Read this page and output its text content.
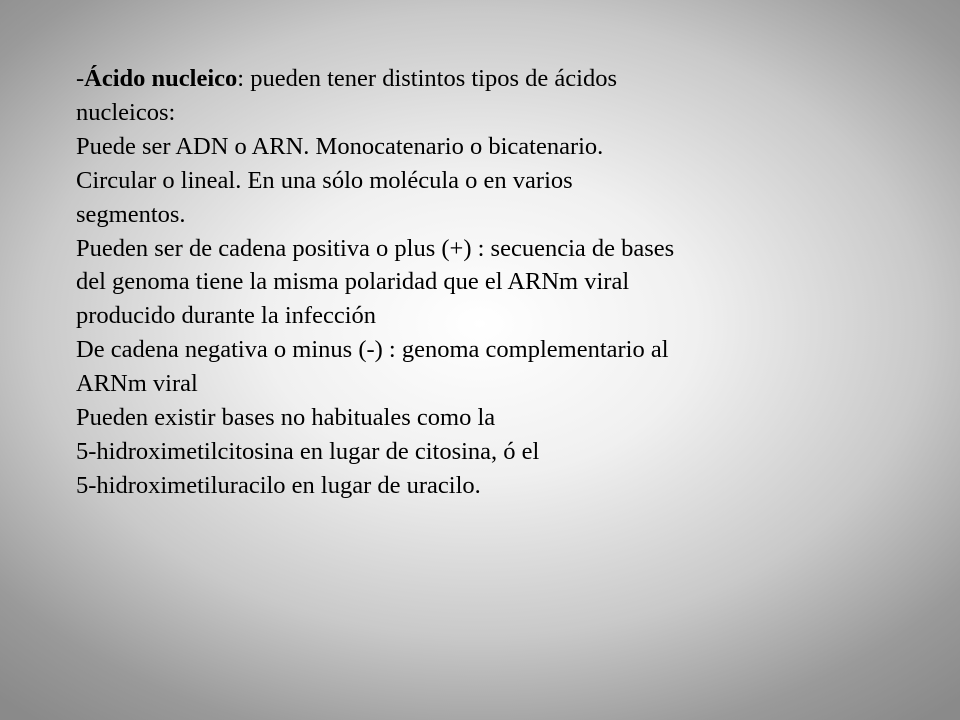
-Ácido nucleico: pueden tener distintos tipos de ácidos
nucleicos:
Puede ser ADN o ARN. Monocatenario o bicatenario.
Circular o lineal. En una sólo molécula o en varios
segmentos.
Pueden ser de cadena positiva o plus (+) : secuencia de bases
del genoma tiene la misma polaridad que el ARNm viral
producido durante la infección
De cadena negativa o minus (-) : genoma complementario al
ARNm viral
Pueden existir bases no habituales como la
5-hidroximetilcitosina en lugar de citosina, ó el
5-hidroximetiluracilo en lugar de uracilo.
